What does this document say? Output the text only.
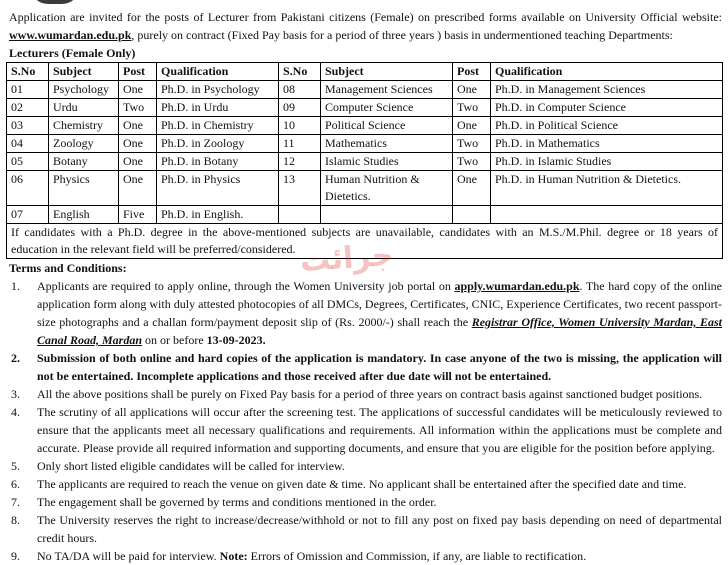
Application are invited for the posts of Lecturer from Pakistani citizens (Female) on prescribed forms available on University Official website: www.wumardan.edu.pk, purely on contract (Fixed Pay basis for a period of three years ) basis in undermentioned teaching Departments:

Lecturers (Female Only)

S.No	Subject	Post	Qualification	S.No	Subject	Post	Qualification
01	Psychology	One	Ph.D. in Psychology	08	Management Sciences	One	Ph.D. in Management Sciences
02	Urdu	Two	Ph.D. in Urdu	09	Computer Science	Two	Ph.D. in Computer Science
03	Chemistry	One	Ph.D. in Chemistry	10	Political Science	One	Ph.D. in Political Science
04	Zoology	One	Ph.D. in Zoology	11	Mathematics	Two	Ph.D. in Mathematics
05	Botany	One	Ph.D. in Botany	12	Islamic Studies	Two	Ph.D. in Islamic Studies
06	Physics	One	Ph.D. in Physics	13	Human Nutrition & Dietetics.	One	Ph.D. in Human Nutrition & Dietetics.
07	English	Five	Ph.D. in English.				
If candidates with a Ph.D. degree in the above-mentioned subjects are unavailable, candidates with an M.S./M.Phil. degree or 18 years of education in the relevant field will be preferred/considered.							

Terms and Conditions:

1. Applicants are required to apply online, through the Women University job portal on apply.wumardan.edu.pk. The hard copy of the online application form along with duly attested photocopies of all DMCs, Degrees, Certificates, CNIC, Experience Certificates, two recent passport-size photographs and a challan form/payment deposit slip of (Rs. 2000/-) shall reach the Registrar Office, Women University Mardan, East Canal Road, Mardan on or before 13-09-2023.
2. Submission of both online and hard copies of the application is mandatory. In case anyone of the two is missing, the application will not be entertained. Incomplete applications and those received after due date will not be entertained.
3. All the above positions shall be purely on Fixed Pay basis for a period of three years on contract basis against sanctioned budget positions.
4. The scrutiny of all applications will occur after the screening test. The applications of successful candidates will be meticulously reviewed to ensure that the applicants meet all necessary qualifications and requirements. All information within the applications must be complete and accurate. Please provide all required information and supporting documents, and ensure that you are eligible for the position before applying.
5. Only short listed eligible candidates will be called for interview.
6. The applicants are required to reach the venue on given date & time. No applicant shall be entertained after the specified date and time.
7. The engagement shall be governed by terms and conditions mentioned in the order.
8. The University reserves the right to increase/decrease/withhold or not to fill any post on fixed pay basis depending on need of departmental credit hours.
9. No TA/DA will be paid for interview. Note: Errors of Omission and Commission, if any, are liable to rectification.
جرائت
